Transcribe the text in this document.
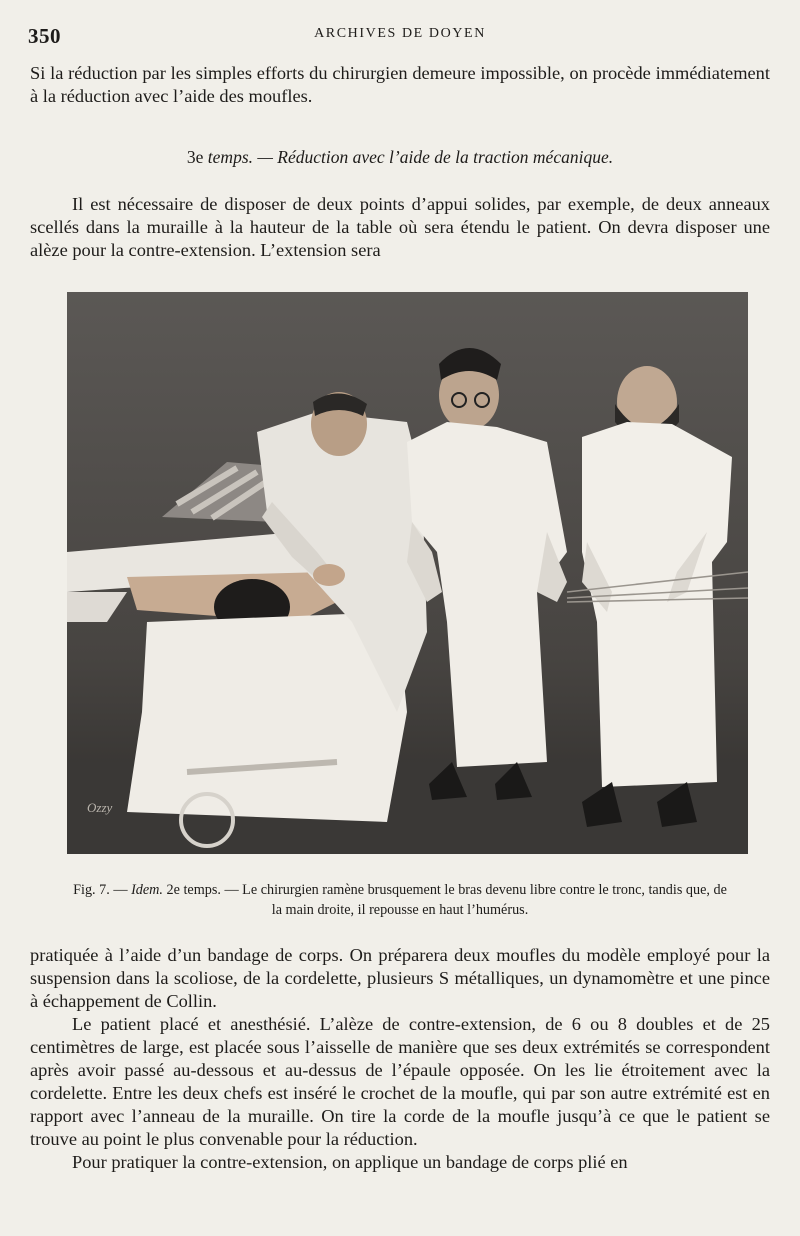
350	ARCHIVES DE DOYEN

Si la réduction par les simples efforts du chirurgien demeure impossible, on procède immédiatement à la réduction avec l’aide des moufles.

3e temps. — Réduction avec l’aide de la traction mécanique.

Il est nécessaire de disposer de deux points d’appui solides, par exemple, de deux anneaux scellés dans la muraille à la hauteur de la table où sera étendu le patient. On devra disposer une alèze pour la contre-extension. L’extension sera

Ozzy
Fig. 7. — Idem. 2e temps. — Le chirurgien ramène brusquement le bras devenu libre contre le tronc, tandis que, de la main droite, il repousse en haut l’humérus.

pratiquée à l’aide d’un bandage de corps. On préparera deux moufles du modèle employé pour la suspension dans la scoliose, de la cordelette, plusieurs S métalliques, un dynamomètre et une pince à échappement de Collin.

Le patient placé et anesthésié. L’alèze de contre-extension, de 6 ou 8 doubles et de 25 centimètres de large, est placée sous l’aisselle de manière que ses deux extrémités se correspondent après avoir passé au-dessous et au-dessus de l’épaule opposée. On les lie étroitement avec la cordelette. Entre les deux chefs est inséré le crochet de la moufle, qui par son autre extrémité est en rapport avec l’anneau de la muraille. On tire la corde de la moufle jusqu’à ce que le patient se trouve au point le plus convenable pour la réduction.

Pour pratiquer la contre-extension, on applique un bandage de corps plié en
